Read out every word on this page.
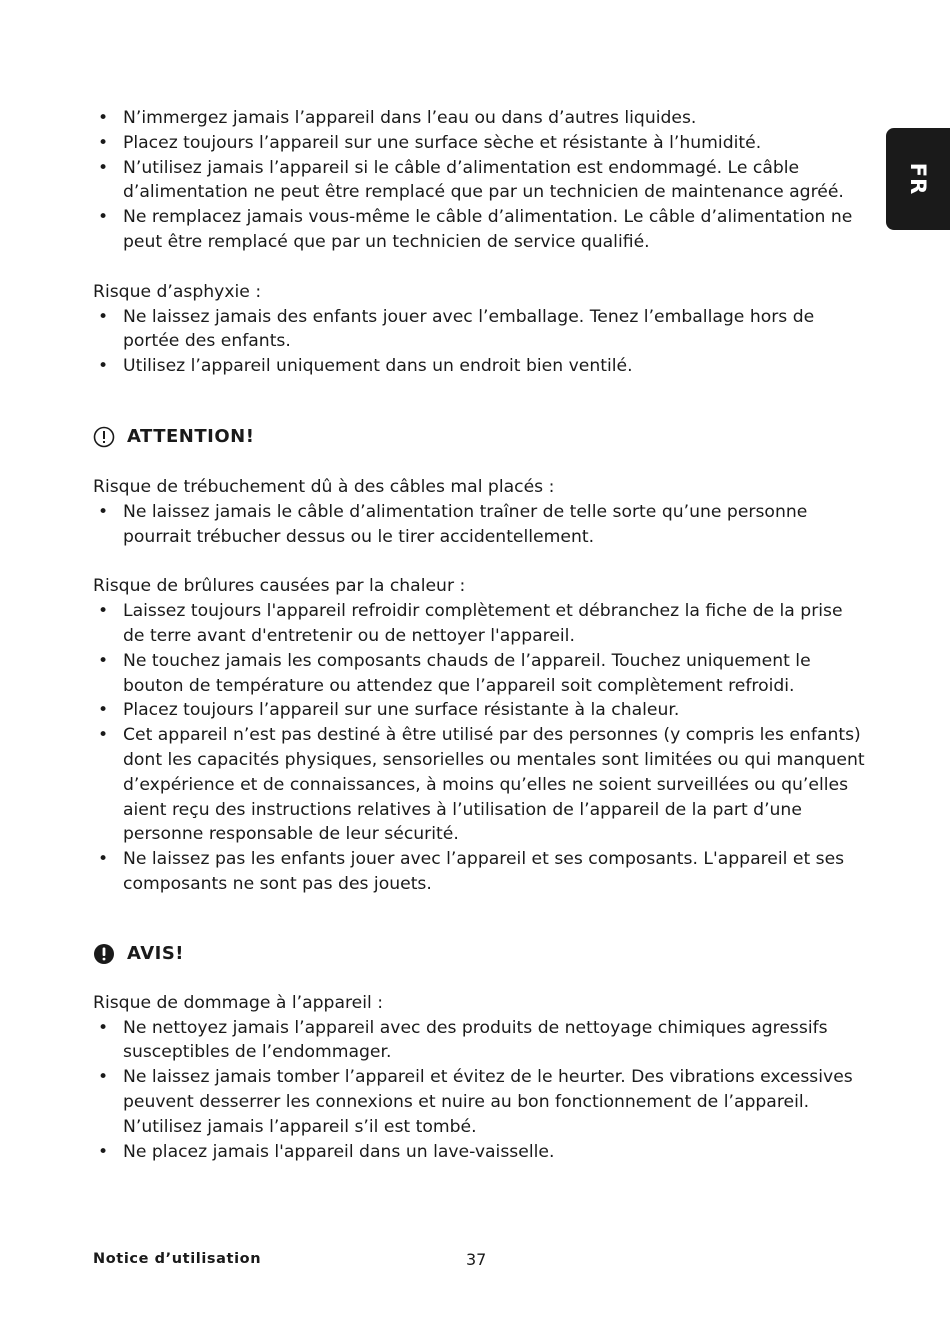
FR
• N’immergez jamais l’appareil dans l’eau ou dans d’autres liquides.
• Placez toujours l’appareil sur une surface sèche et résistante à l’humidité.
• N’utilisez jamais l’appareil si le câble d’alimentation est endommagé. Le câble d’alimentation ne peut être remplacé que par un technicien de maintenance agréé.
• Ne remplacez jamais vous-même le câble d’alimentation. Le câble d’alimentation ne peut être remplacé que par un technicien de service qualifié.

Risque d’asphyxie :

• Ne laissez jamais des enfants jouer avec l’emballage. Tenez l’emballage hors de portée des enfants.
• Utilisez l’appareil uniquement dans un endroit bien ventilé.
ATTENTION!

Risque de trébuchement dû à des câbles mal placés :

• Ne laissez jamais le câble d’alimentation traîner de telle sorte qu’une personne pourrait trébucher dessus ou le tirer accidentellement.

Risque de brûlures causées par la chaleur :

• Laissez toujours l'appareil refroidir complètement et débranchez la fiche de la prise de terre avant d'entretenir ou de nettoyer l'appareil.
• Ne touchez jamais les composants chauds de l’appareil. Touchez uniquement le bouton de température ou attendez que l’appareil soit complètement refroidi.
• Placez toujours l’appareil sur une surface résistante à la chaleur.
• Cet appareil n’est pas destiné à être utilisé par des personnes (y compris les enfants) dont les capacités physiques, sensorielles ou mentales sont limitées ou qui manquent d’expérience et de connaissances, à moins qu’elles ne soient surveillées ou qu’elles aient reçu des instructions relatives à l’utilisation de l’appareil de la part d’une personne responsable de leur sécurité.
• Ne laissez pas les enfants jouer avec l’appareil et ses composants. L'appareil et ses composants ne sont pas des jouets.
AVIS!

Risque de dommage à l’appareil :

• Ne nettoyez jamais l’appareil avec des produits de nettoyage chimiques agressifs susceptibles de l’endommager.
• Ne laissez jamais tomber l’appareil et évitez de le heurter. Des vibrations excessives peuvent desserrer les connexions et nuire au bon fonctionnement de l’appareil. N’utilisez jamais l’appareil s’il est tombé.
• Ne placez jamais l'appareil dans un lave-vaisselle.
Notice d’utilisation	37
